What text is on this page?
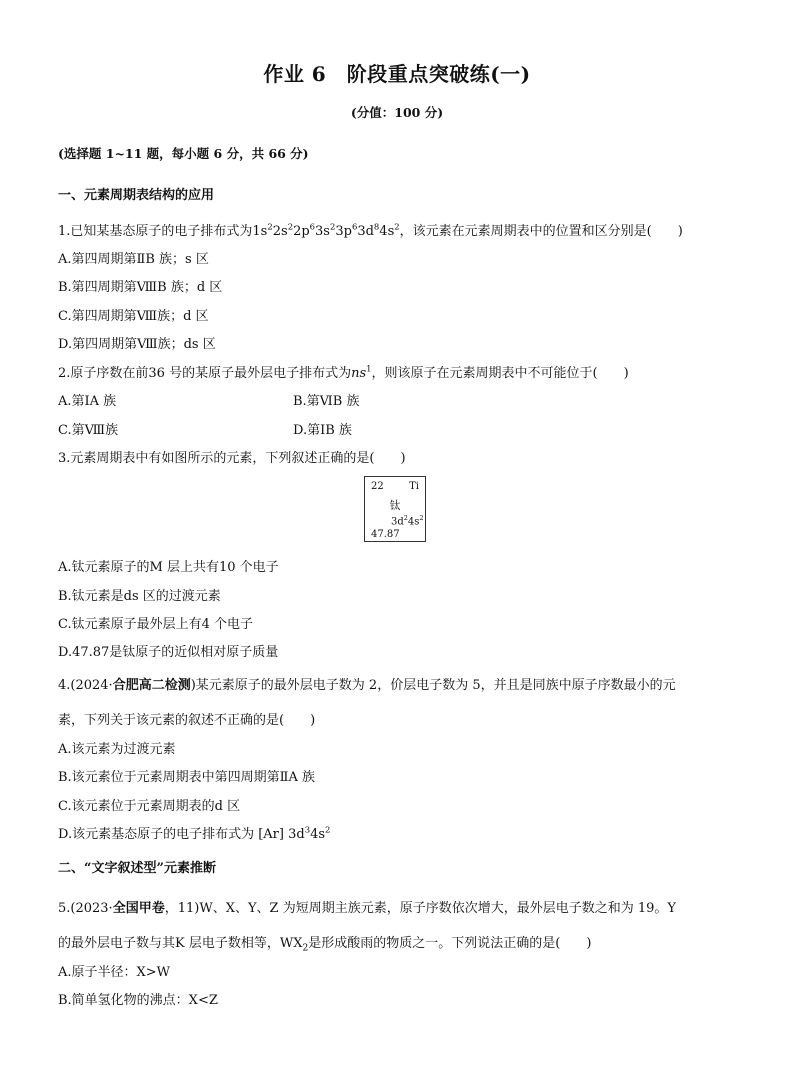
作业 6　阶段重点突破练(一)
(分值：100 分)
(选择题 1~11 题，每小题 6 分，共 66 分)
一、元素周期表结构的应用
1.已知某基态原子的电子排布式为$1s^22s^22p^63s^23p^63d^84s^2$，该元素在元素周期表中的位置和区分别是(　　)
A.第四周期第ⅡB 族；s 区
B.第四周期第ⅧB 族；d 区
C.第四周期第Ⅷ族；d 区
D.第四周期第Ⅷ族；ds 区
2.原子序数在前36 号的某原子最外层电子排布式为$ns^1$，则该原子在元素周期表中不可能位于(　　)
A.第ⅠA 族	B.第ⅥB 族
C.第Ⅷ族	D.第ⅠB 族
3.元素周期表中有如图所示的元素，下列叙述正确的是(　　)
22	Ti
钛
$3d^24s^2$
47.87
A.钛元素原子的M 层上共有10 个电子
B.钛元素是ds 区的过渡元素
C.钛元素原子最外层上有4 个电子
D.47.87是钛原子的近似相对原子质量
4.(2024·合肥高二检测)某元素原子的最外层电子数为 2，价层电子数为 5，并且是同族中原子序数最小的元
素，下列关于该元素的叙述不正确的是(　　)
A.该元素为过渡元素
B.该元素位于元素周期表中第四周期第ⅡA 族
C.该元素位于元素周期表的d 区
D.该元素基态原子的电子排布式为 [Ar] $3d^34s^2$
二、“文字叙述型”元素推断
5.(2023·全国甲卷，11)W、X、Y、Z 为短周期主族元素，原子序数依次增大，最外层电子数之和为 19。Y
的最外层电子数与其K 层电子数相等，$WX_2$是形成酸雨的物质之一。下列说法正确的是(　　)
A.原子半径：X>W
B.简单氢化物的沸点：X<Z
